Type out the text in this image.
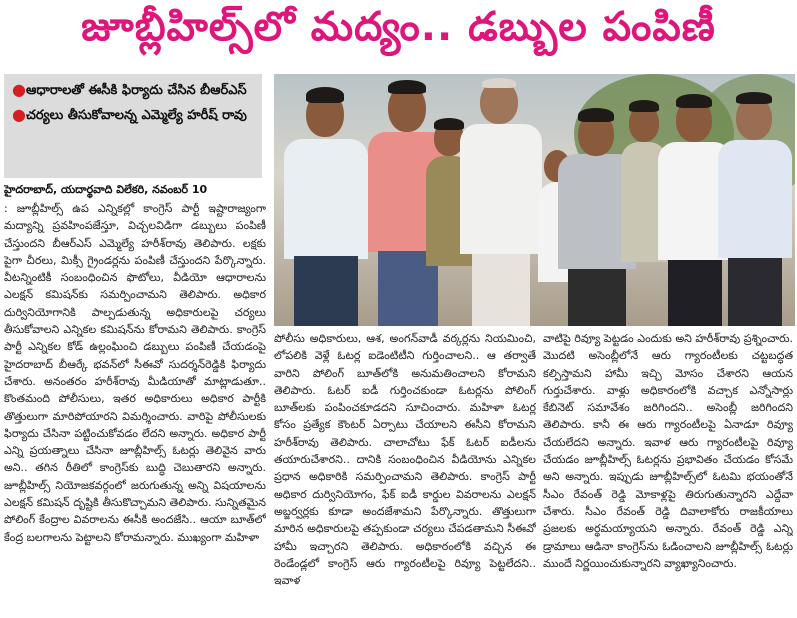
జూబ్లీహిల్స్‌లో మద్యం.. డబ్బుల పంపిణీ
● ఆధారాలతో ఈసీకి ఫిర్యాదు చేసిన బీఆర్ఎస్
● చర్యలు తీసుకోవాలన్న ఎమ్మెల్యే హరీష్ రావు
హైదరాబాద్, యదార్థవాది విలేకరి, నవంబర్ 10
: జూబ్లీహిల్స్ ఉప ఎన్నికల్లో కాంగ్రెస్ పార్టీ ఇష్టారాజ్యంగా మద్యాన్ని ప్రవహింపజేస్తూ, విచ్చలవిడిగా డబ్బులు పంపిణీ చేస్తుందని బీఆర్ఎస్ ఎమ్మెల్యే హరీశ్‌రావు తెలిపారు. లక్షకు పైగా చీరలు, మిక్సీ గ్రైండర్లను పంపిణీ చేస్తుందని పేర్కొన్నారు. వీటన్నింటికీ సంబంధించిన ఫొటోలు, వీడియో ఆధారాలను ఎలక్షన్ కమిషన్‌కు సమర్పించామని తెలిపారు. అధికార దుర్వినియోగానికి పాల్పడుతున్న అధికారులపై చర్యలు తీసుకోవాలని ఎన్నికల కమిషన్‌ను కోరామని తెలిపారు. కాంగ్రెస్ పార్టీ ఎన్నికల కోడ్ ఉల్లంఘించి డబ్బులు పంపిణీ చేయడంపై హైదరాబాద్ బీఆర్కే భవన్‌లో సీఈవో సుదర్శన్‌రెడ్డికి ఫిర్యాదు చేశారు. అనంతరం హరీశ్‌రావు మీడియాతో మాట్లాడుతూ.. కొంతమంది పోలీసులు, ఇతర అధికారులు అధికార పార్టీకి తొత్తులుగా మారిపోయారని విమర్శించారు. వారిపై పోలీసులకు ఫిర్యాదు చేసినా పట్టించుకోవడం లేదని అన్నారు. అధికార పార్టీ ఎన్ని ప్రయత్నాలు చేసినా జూబ్లీహిల్స్ ఓటర్లు తెలివైన వారు అని.. తగిన రీతిలో కాంగ్రెస్‌కు బుద్ధి చెబుతారని అన్నారు. జూబ్లీహిల్స్ నియోజకవర్గంలో జరుగుతున్న అన్ని విషయాలను ఎలక్షన్ కమిషన్ దృష్టికి తీసుకొచ్చామని తెలిపారు. సున్నితమైన పోలింగ్ కేంద్రాల వివరాలను ఈసీకి అందజేసి.. ఆయా బూత్‌లో కేంద్ర బలగాలను పెట్టాలని కోరామన్నారు. ముఖ్యంగా మహిళా
పోలీసు అధికారులు, ఆశ, అంగన్‌వాడీ వర్కర్లను నియమించి, లోపలికి వెళ్లే ఓటర్ల ఐడెంటిటీని గుర్తించాలని.. ఆ తర్వాతే వారిని పోలింగ్ బూత్‌లోకి అనుమతించాలని కోరామని తెలిపారు. ఓటర్ ఐడీ గుర్తించకుండా ఓటర్లను పోలింగ్ బూత్‌లకు పంపించకూడదని సూచించారు. మహిళా ఓటర్ల కోసం ప్రత్యేక కౌంటర్ ఏర్పాటు చేయాలని ఈసీని కోరామని హరీశ్‌రావు తెలిపారు. చాలాచోటు ఫేక్ ఓటర్ ఐడీలను తయారుచేశారని.. దానికి సంబంధించిన వీడియోను ఎన్నికల ప్రధాన అధికారికి సమర్పించామని తెలిపారు. కాంగ్రెస్ పార్టీ అధికార దుర్వినియోగం, ఫేక్ ఐడీ కార్డుల వివరాలను ఎలక్షన్ అబ్జర్వర్లకు కూడా అందజేశామని పేర్కొన్నారు. తొత్తులుగా మారిన అధికారులపై తప్పకుండా చర్యలు చేపడతామని సీఈవో హామీ ఇచ్చారని తెలిపారు. అధికారంలోకి వచ్చిన ఈ రెండేండ్లలో కాంగ్రెస్ ఆరు గ్యారంటీలపై రివ్యూ పెట్టలేదని.. ఇవాళ
వాటిపై రివ్యూ పెట్టడం ఎందుకు అని హరీశ్‌రావు ప్రశ్నించారు. మొదటి అసెంబ్లీలోనే ఆరు గ్యారంటీలకు చట్టబద్ధత కల్పిస్తామని హామీ ఇచ్చి మోసం చేశారని ఆయన గుర్తుచేశారు. వాళ్లు అధికారంలోకి వచ్చాక ఎన్నోసార్లు కేబినెట్ సమావేశం జరిగిందని.. అసెంబ్లీ జరిగిందని తెలిపారు. కానీ ఈ ఆరు గ్యారంటీలపై ఏనాడూ రివ్యూ చేయలేదని అన్నారు. ఇవాళ ఆరు గ్యారంటీలపై రివ్యూ చేయడం జూబ్లీహిల్స్ ఓటర్లను ప్రభావితం చేయడం కోసమే అని అన్నారు. ఇప్పుడు జూబ్లీహిల్స్‌లో ఓటమి భయంతోనే సీఎం రేవంత్ రెడ్డి మోకాళ్లపై తిరుగుతున్నారని ఎద్దేవా చేశారు. సీఎం రేవంత్ రెడ్డి దివాలాకోరు రాజకీయాలు ప్రజలకు అర్థమయ్యాయని అన్నారు. రేవంత్ రెడ్డి ఎన్ని డ్రామాలు ఆడినా కాంగ్రెస్‌ను ఓడించాలని జూబ్లీహిల్స్ ఓటర్లు ముందే నిర్ణయించుకున్నారని వ్యాఖ్యానించారు.
